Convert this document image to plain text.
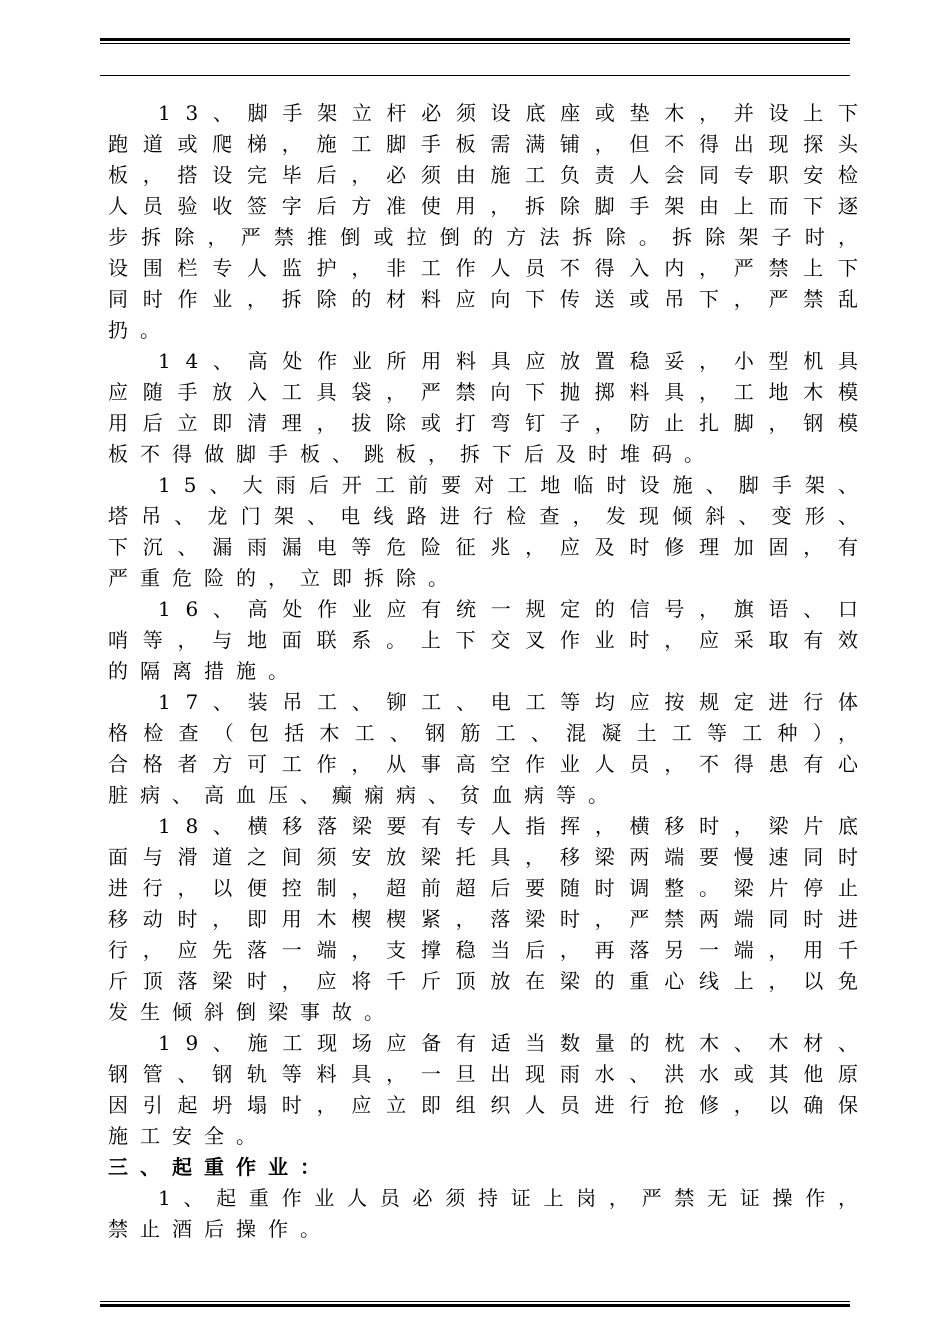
13、脚手架立杆必须设底座或垫木，并设上下
跑道或爬梯，施工脚手板需满铺，但不得出现探头
板，搭设完毕后，必须由施工负责人会同专职安检
人员验收签字后方准使用，拆除脚手架由上而下逐
步拆除，严禁推倒或拉倒的方法拆除。拆除架子时，
设围栏专人监护，非工作人员不得入内，严禁上下
同时作业，拆除的材料应向下传送或吊下，严禁乱
扔。
14、高处作业所用料具应放置稳妥，小型机具
应随手放入工具袋，严禁向下抛掷料具，工地木模
用后立即清理，拔除或打弯钉子，防止扎脚，钢模
板不得做脚手板、跳板，拆下后及时堆码。
15、大雨后开工前要对工地临时设施、脚手架、
塔吊、龙门架、电线路进行检查，发现倾斜、变形、
下沉、漏雨漏电等危险征兆，应及时修理加固，有
严重危险的，立即拆除。
16、高处作业应有统一规定的信号，旗语、口
哨等，与地面联系。上下交叉作业时，应采取有效
的隔离措施。
17、装吊工、铆工、电工等均应按规定进行体
格检查（包括木工、钢筋工、混凝土工等工种），
合格者方可工作，从事高空作业人员，不得患有心
脏病、高血压、癫痫病、贫血病等。
18、横移落梁要有专人指挥，横移时，梁片底
面与滑道之间须安放梁托具，移梁两端要慢速同时
进行，以便控制，超前超后要随时调整。梁片停止
移动时，即用木楔楔紧，落梁时，严禁两端同时进
行，应先落一端，支撑稳当后，再落另一端，用千
斤顶落梁时，应将千斤顶放在梁的重心线上，以免
发生倾斜倒梁事故。
19、施工现场应备有适当数量的枕木、木材、
钢管、钢轨等料具，一旦出现雨水、洪水或其他原
因引起坍塌时，应立即组织人员进行抢修，以确保
施工安全。
三、起重作业：
1、起重作业人员必须持证上岗，严禁无证操作，
禁止酒后操作。
